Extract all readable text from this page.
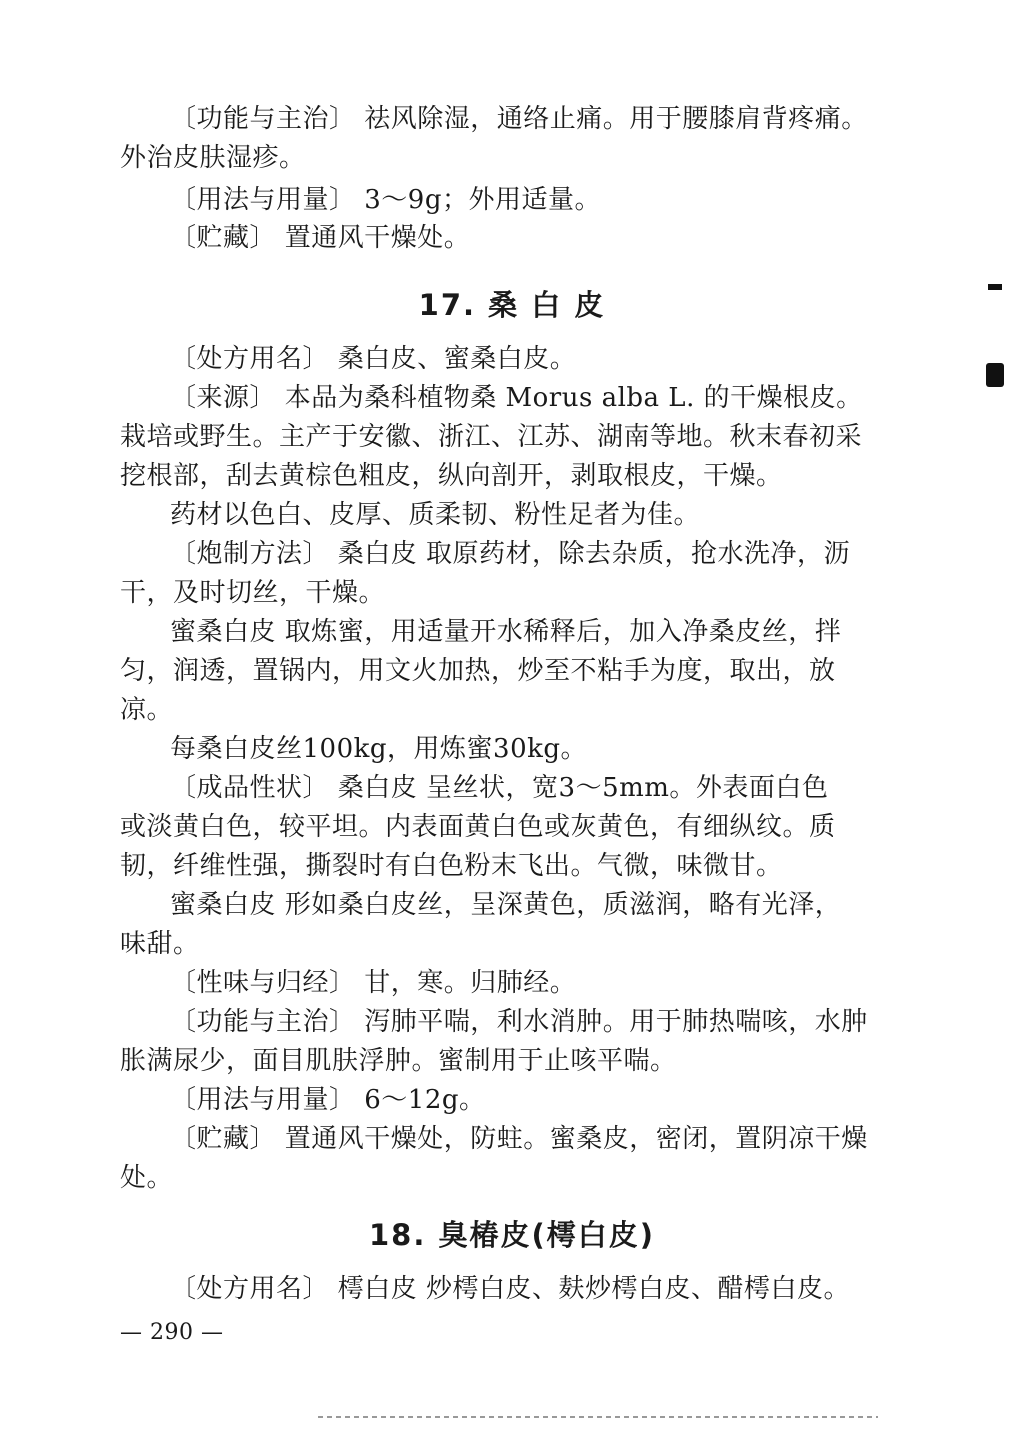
〔功能与主治〕 祛风除湿，通络止痛。用于腰膝肩背疼痛。
外治皮肤湿疹。
〔用法与用量〕 3～9g；外用适量。
〔贮藏〕 置通风干燥处。
17. 桑 白 皮
〔处方用名〕 桑白皮、蜜桑白皮。
〔来源〕 本品为桑科植物桑 Morus alba L. 的干燥根皮。
栽培或野生。主产于安徽、浙江、江苏、湖南等地。秋末春初采
挖根部，刮去黄棕色粗皮，纵向剖开，剥取根皮，干燥。
药材以色白、皮厚、质柔韧、粉性足者为佳。
〔炮制方法〕 桑白皮 取原药材，除去杂质，抢水洗净，沥
干，及时切丝，干燥。
蜜桑白皮 取炼蜜，用适量开水稀释后，加入净桑皮丝，拌
匀，润透，置锅内，用文火加热，炒至不粘手为度，取出，放
凉。
每桑白皮丝100kg，用炼蜜30kg。
〔成品性状〕 桑白皮 呈丝状，宽3～5mm。外表面白色
或淡黄白色，较平坦。内表面黄白色或灰黄色，有细纵纹。质
韧，纤维性强，撕裂时有白色粉末飞出。气微，味微甘。
蜜桑白皮 形如桑白皮丝，呈深黄色，质滋润，略有光泽，
味甜。
〔性味与归经〕 甘，寒。归肺经。
〔功能与主治〕 泻肺平喘，利水消肿。用于肺热喘咳，水肿
胀满尿少，面目肌肤浮肿。蜜制用于止咳平喘。
〔用法与用量〕 6～12g。
〔贮藏〕 置通风干燥处，防蛀。蜜桑皮，密闭，置阴凉干燥
处。
18. 臭椿皮(樗白皮)
〔处方用名〕 樗白皮 炒樗白皮、麸炒樗白皮、醋樗白皮。
— 290 —
